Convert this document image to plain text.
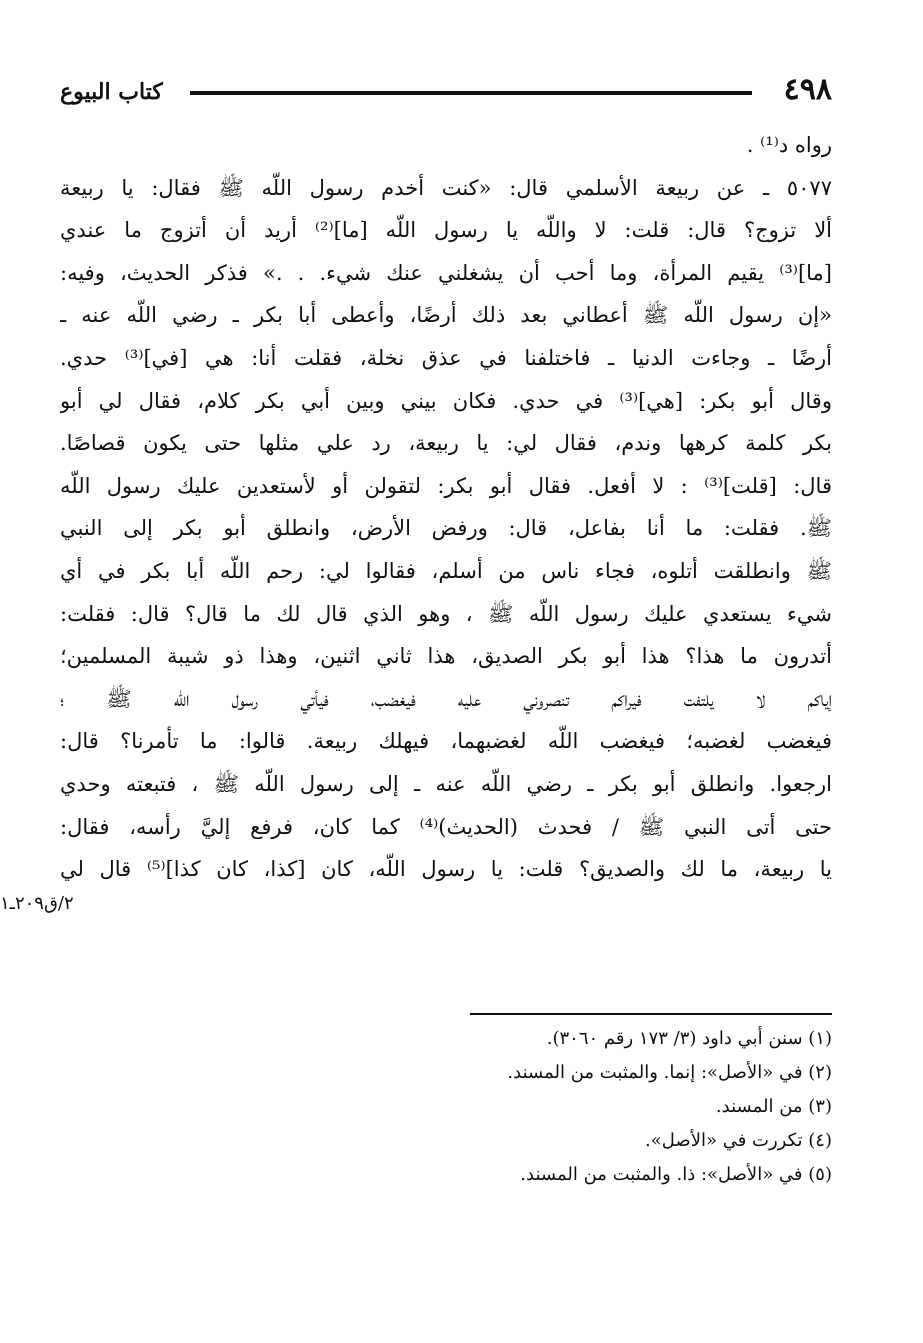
٤٩٨
كتاب البيوع
رواه د⁽¹⁾ .
٥٠٧٧ ـ عن ربيعة الأسلمي قال: «كنت أخدم رسول اللّه ﷺ فقال: يا ربيعة
ألا تزوج؟ قال: قلت: لا واللّه يا رسول اللّه [ما]⁽²⁾ أريد أن أتزوج ما عندي
[ما]⁽³⁾ يقيم المرأة، وما أحب أن يشغلني عنك شيء. . .» فذكر الحديث، وفيه:
«إن رسول اللّه ﷺ أعطاني بعد ذلك أرضًا، وأعطى أبا بكر ـ رضي اللّه عنه ـ
أرضًا ـ وجاءت الدنيا ـ فاختلفنا في عذق نخلة، فقلت أنا: هي [في]⁽³⁾ حدي.
وقال أبو بكر: [هي]⁽³⁾ في حدي. فكان بيني وبين أبي بكر كلام، فقال لي أبو
بكر كلمة كرهها وندم، فقال لي: يا ربيعة، رد علي مثلها حتى يكون قصاصًا.
قال: [قلت]⁽³⁾ : لا أفعل. فقال أبو بكر: لتقولن أو لأستعدين عليك رسول اللّه
ﷺ. فقلت: ما أنا بفاعل، قال: ورفض الأرض، وانطلق أبو بكر إلى النبي
ﷺ وانطلقت أتلوه، فجاء ناس من أسلم، فقالوا لي: رحم اللّه أبا بكر في أي
شيء يستعدي عليك رسول اللّه ﷺ ، وهو الذي قال لك ما قال؟ قال: فقلت:
أتدرون ما هذا؟ هذا أبو بكر الصديق، هذا ثاني اثنين، وهذا ذو شيبة المسلمين؛
إياكم لا يلتفت فيراكم تنصروني عليه فيغضب، فيأتي رسول اللّه ﷺ ؛
فيغضب لغضبه؛ فيغضب اللّه لغضبهما، فيهلك ربيعة. قالوا: ما تأمرنا؟ قال:
ارجعوا. وانطلق أبو بكر ـ رضي اللّه عنه ـ إلى رسول اللّه ﷺ ، فتبعته وحدي
حتى أتى النبي ﷺ / فحدث (الحديث)⁽⁴⁾ كما كان، فرفع إليَّ رأسه، فقال:
يا ربيعة، ما لك والصديق؟ قلت: يا رسول اللّه، كان [كذا، كان كذا]⁽⁵⁾ قال لي
٢/ق٢٠٩ـ١
(١) سنن أبي داود (٣/ ١٧٣ رقم ٣٠٦٠).
(٢) في «الأصل»: إنما. والمثبت من المسند.
(٣) من المسند.
(٤) تكررت في «الأصل».
(٥) في «الأصل»: ذا. والمثبت من المسند.
